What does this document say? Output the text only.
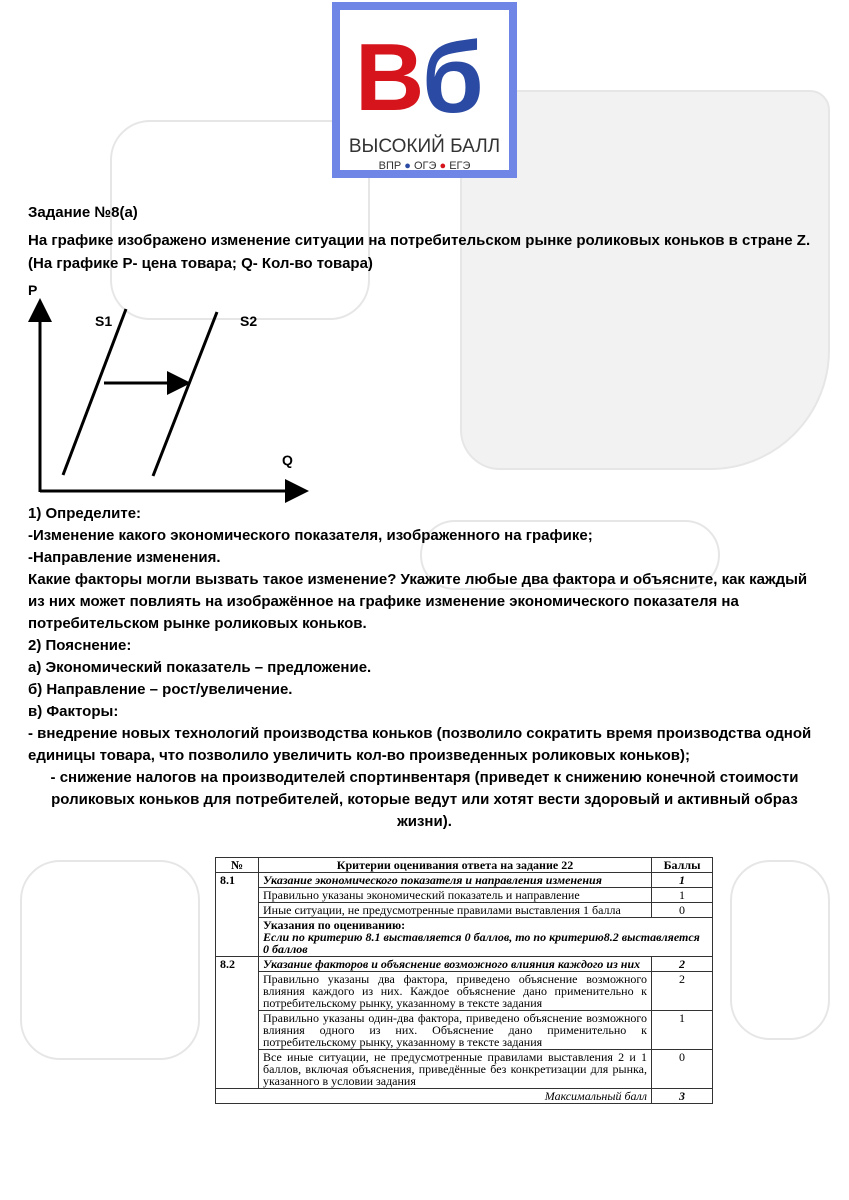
В
б
ВЫСОКИЙ БАЛЛ
ВПР ● ОГЭ ● ЕГЭ
Задание №8(а)
На графике изображено изменение ситуации на потребительском рынке роликовых коньков в стране Z.
(На графике P- цена товара; Q- Кол-во товара)
P
Q
S1	S2
1) Определите:
-Изменение какого экономического показателя, изображенного на графике;
-Направление изменения.
Какие факторы могли вызвать такое изменение? Укажите любые два фактора и объясните, как каждый
из них может повлиять на изображённое на графике изменение экономического показателя на
потребительском рынке роликовых коньков.
2) Пояснение:
а) Экономический показатель – предложение.
б) Направление – рост/увеличение.
в) Факторы:
- внедрение новых технологий производства коньков (позволило сократить время производства одной
единицы товара, что позволило увеличить кол-во произведенных роликовых коньков);
- снижение налогов на производителей спортинвентаря (приведет к снижению конечной стоимости
роликовых коньков для потребителей, которые ведут или хотят вести здоровый и активный образ
жизни).
№	Критерии оценивания ответа на задание 22	Баллы
8.1	Указание экономического показателя и направления изменения	1
	Правильно указаны экономический показатель и направление	1
	Иные ситуации, не предусмотренные правилами выставления 1 балла	0
	Указания по оцениванию:
Если по критерию 8.1 выставляется 0 баллов, то по критерию8.2 выставляется 0 баллов	
8.2	Указание факторов и объяснение возможного влияния каждого из них	2
	Правильно указаны два фактора, приведено объяснение возможного влияния каждого из них. Каждое объяснение дано применительно к потребительскому рынку, указанному в тексте задания	2
	Правильно указаны один-два фактора, приведено объяснение возможного влияния одного из них. Объяснение дано применительно к потребительскому рынку, указанному в тексте задания	1
	Все иные ситуации, не предусмотренные правилами выставления 2 и 1 баллов, включая объяснения, приведённые без конкретизации для рынка, указанного в условии задания	0
Максимальный балл		3
